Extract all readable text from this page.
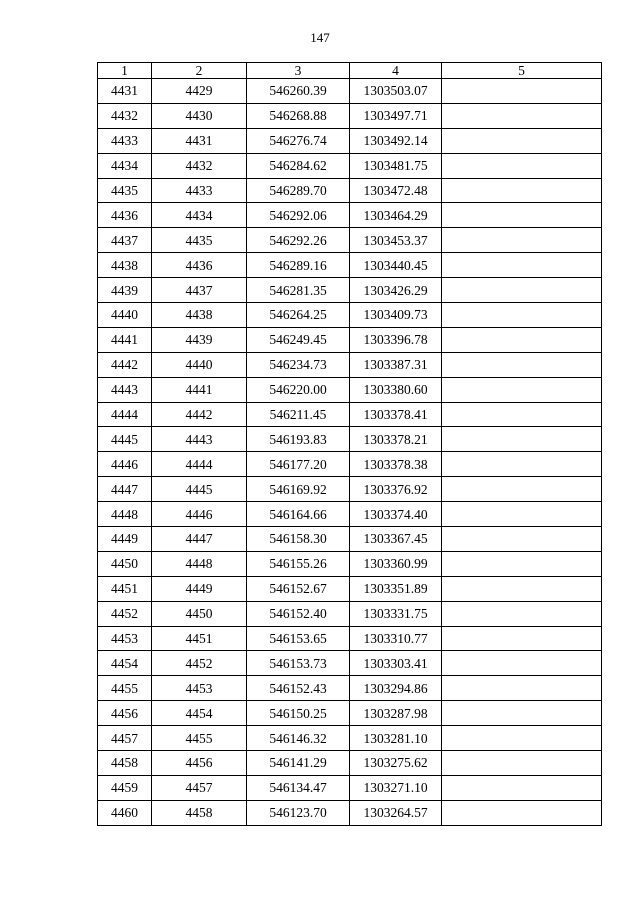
147
1	2	3	4	5
4431	4429	546260.39	1303503.07	
4432	4430	546268.88	1303497.71	
4433	4431	546276.74	1303492.14	
4434	4432	546284.62	1303481.75	
4435	4433	546289.70	1303472.48	
4436	4434	546292.06	1303464.29	
4437	4435	546292.26	1303453.37	
4438	4436	546289.16	1303440.45	
4439	4437	546281.35	1303426.29	
4440	4438	546264.25	1303409.73	
4441	4439	546249.45	1303396.78	
4442	4440	546234.73	1303387.31	
4443	4441	546220.00	1303380.60	
4444	4442	546211.45	1303378.41	
4445	4443	546193.83	1303378.21	
4446	4444	546177.20	1303378.38	
4447	4445	546169.92	1303376.92	
4448	4446	546164.66	1303374.40	
4449	4447	546158.30	1303367.45	
4450	4448	546155.26	1303360.99	
4451	4449	546152.67	1303351.89	
4452	4450	546152.40	1303331.75	
4453	4451	546153.65	1303310.77	
4454	4452	546153.73	1303303.41	
4455	4453	546152.43	1303294.86	
4456	4454	546150.25	1303287.98	
4457	4455	546146.32	1303281.10	
4458	4456	546141.29	1303275.62	
4459	4457	546134.47	1303271.10	
4460	4458	546123.70	1303264.57	
